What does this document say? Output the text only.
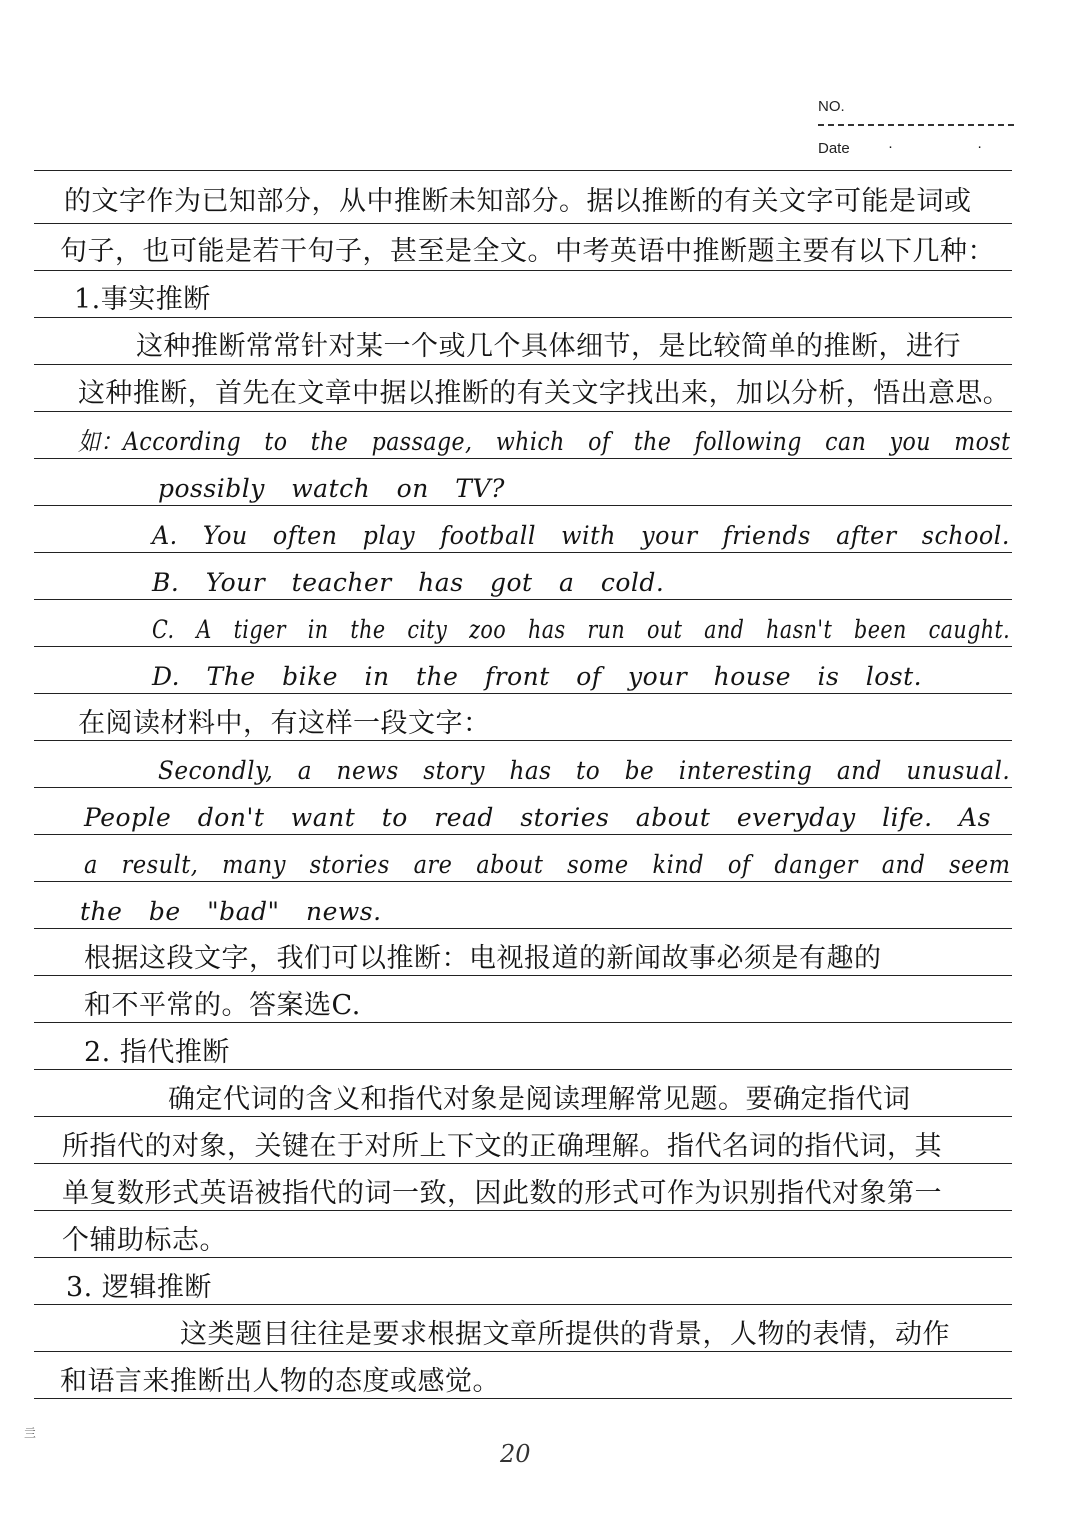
NO.
Date	· ·
的文字作为已知部分，从中推断未知部分。据以推断的有关文字可能是词或
句子，也可能是若干句子，甚至是全文。中考英语中推断题主要有以下几种：
1.事实推断
这种推断常常针对某一个或几个具体细节，是比较简单的推断，进行
这种推断，首先在文章中据以推断的有关文字找出来，加以分析，悟出意思。
如：According to the passage, which of the following can you most
possibly watch on TV?
A. You often play football with your friends after school.
B. Your teacher has got a cold.
C. A tiger in the city zoo has run out and hasn't been caught.
D. The bike in the front of your house is lost.
在阅读材料中，有这样一段文字：
Secondly, a news story has to be interesting and unusual.
People don't want to read stories about everyday life. As
a result, many stories are about some kind of danger and seem
the be "bad" news.
根据这段文字，我们可以推断：电视报道的新闻故事必须是有趣的
和不平常的。答案选C.
2. 指代推断
确定代词的含义和指代对象是阅读理解常见题。要确定指代词
所指代的对象，关键在于对所上下文的正确理解。指代名词的指代词，其
单复数形式英语被指代的词一致，因此数的形式可作为识别指代对象第一
个辅助标志。
3. 逻辑推断
这类题目往往是要求根据文章所提供的背景，人物的表情，动作
和语言来推断出人物的态度或感觉。
亖
20
